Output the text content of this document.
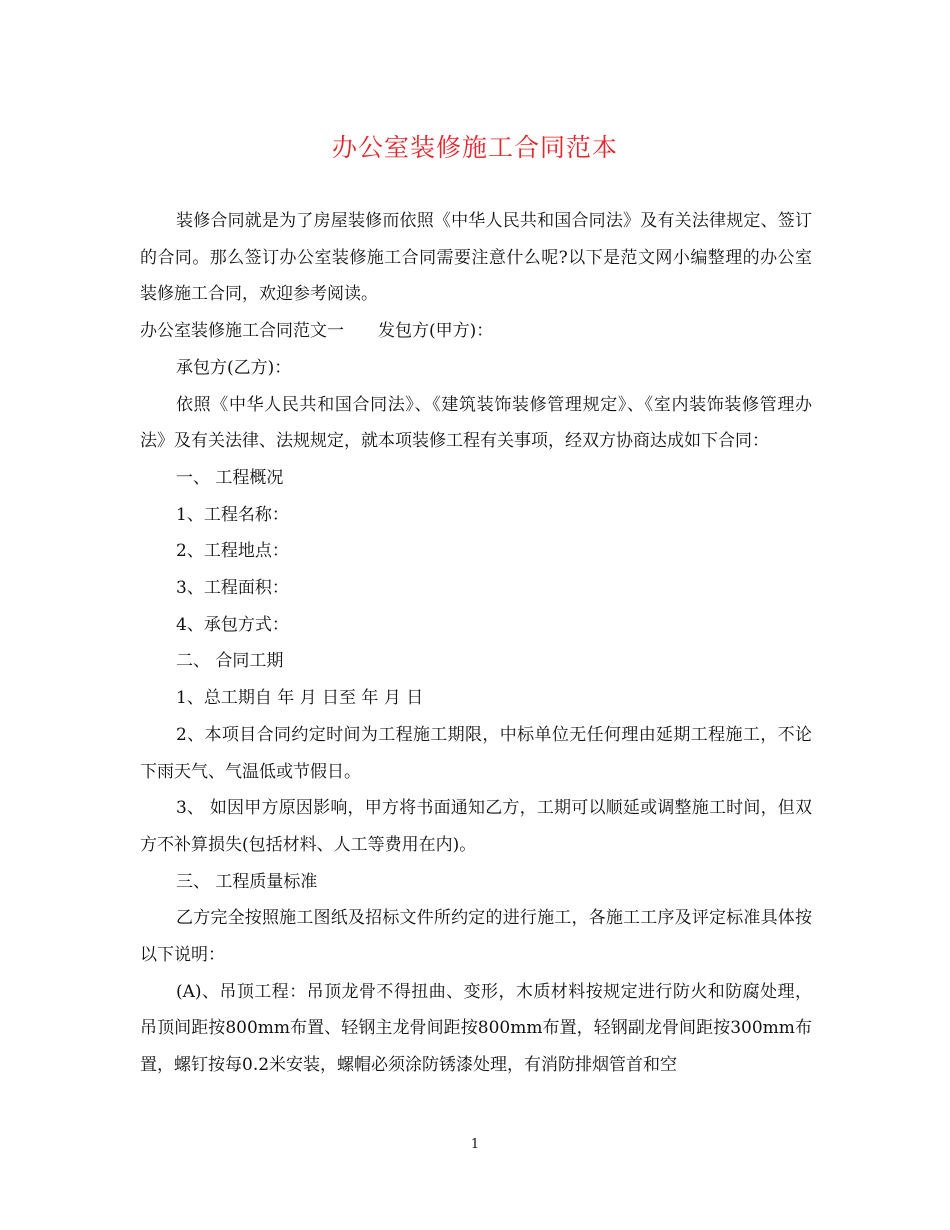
办公室装修施工合同范本

装修合同就是为了房屋装修而依照《中华人民共和国合同法》及有关法律规定、签订的合同。那么签订办公室装修施工合同需要注意什么呢?以下是范文网小编整理的办公室装修施工合同，欢迎参考阅读。

办公室装修施工合同范文一　　发包方(甲方)：

承包方(乙方)：

依照《中华人民共和国合同法》、《建筑装饰装修管理规定》、《室内装饰装修管理办法》及有关法律、法规规定，就本项装修工程有关事项，经双方协商达成如下合同：

一、 工程概况

1、工程名称：

2、工程地点：

3、工程面积：

4、承包方式：

二、 合同工期

1、总工期自 年 月 日至 年 月 日

2、本项目合同约定时间为工程施工期限，中标单位无任何理由延期工程施工，不论下雨天气、气温低或节假日。

3、 如因甲方原因影响，甲方将书面通知乙方，工期可以顺延或调整施工时间，但双方不补算损失(包括材料、人工等费用在内)。

三、 工程质量标准

乙方完全按照施工图纸及招标文件所约定的进行施工，各施工工序及评定标准具体按以下说明：

(A)、吊顶工程：吊顶龙骨不得扭曲、变形，木质材料按规定进行防火和防腐处理，吊顶间距按800mm布置、轻钢主龙骨间距按800mm布置，轻钢副龙骨间距按300mm布置，螺钉按每0.2米安装，螺帽必须涂防锈漆处理，有消防排烟管首和空

1
